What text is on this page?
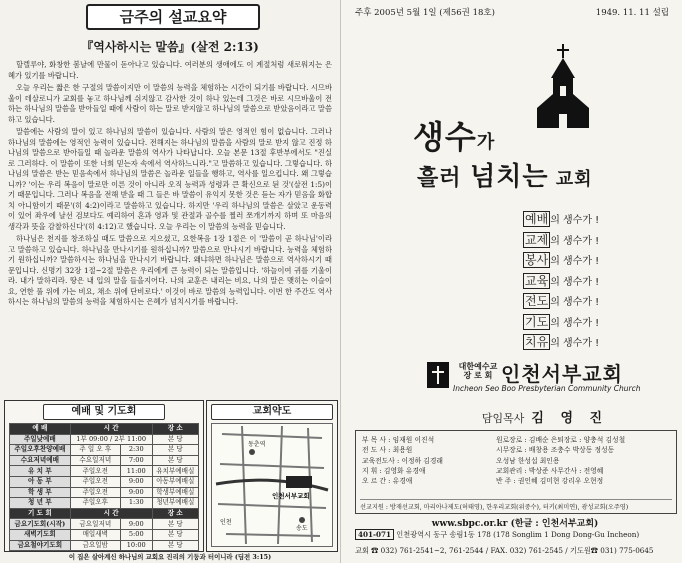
금주의 설교요약
『역사하시는 말씀』(살전 2:13)

할렐루야, 화창한 봄날에 만물이 돋아나고 있습니다. 여러분의 생애에도 이 계절처럼 새로워지는 은혜가 있기를 바랍니다.

오늘 우리는 짧은 한 구절의 말씀이지만 이 말씀의 능력을 체험하는 시간이 되기를 바랍니다. 시므바울이 데살로니가 교회를 놓고 하나님께 쉬지않고 감사한 것이 하나 있는데 그것은 바로 시므바울이 전하는 하나님의 말씀을 받아들일 때에 사람이 하는 말로 받지않고 하나님의 말씀으로 받았음이라고 말씀하고 있습니다.

말씀에는 사람의 말이 있고 하나님의 말씀이 있습니다. 사람의 말은 영적인 힘이 없습니다. 그러나 하나님의 말씀에는 영적인 능력이 있습니다. 전해지는 하나님의 말씀을 사람의 말로 받지 않고 진정 하나님의 말씀으로 받아들일 때 놀라운 말씀의 역사가 나타납니다. 오늘 본문 13절 후반부에서도 "진실로 그러하다. 이 말씀이 또한 너희 믿는자 속에서 역사하느니라."고 말씀하고 있습니다. 그렇습니다. 하나님의 말씀은 받는 믿음속에서 하나님의 말씀은 놀라운 일들을 행하고, 역사를 일으킵니다. 왜 그렇습니까? '이는 우리 복음이 말로만 이른 것이 아니라 오직 능력과 성령과 큰 확신으로 된 것'(살전 1:5)이기 때문입니다. 그러나 복음을 전해 받을 때 그 들은 바 말씀이 유익지 못한 것은 듣는 자가 믿음을 화합치 아니함이기 때문'(히 4:2)이라고 말씀하고 있습니다. 하지만 '우리 하나님의 말씀은 살았고 운동력이 있어 좌우에 날선 검보다도 예리하여 혼과 영과 및 관절과 골수를 찔러 쪼개기까지 하며 또 마음의 생각과 뜻을 감찰하신다'(히 4:12)고 했습니다. 오늘 우리는 이 말씀의 능력을 믿습니다.

하나님은 천지를 창조하실 때도 말씀으로 지으셨고, 요한복음 1장 1절은 이 '말씀이 곧 하나님'이라고 말씀하고 있습니다. 하나님을 만나시기를 원하십니까? 말씀으로 만나시기 바랍니다. 능력을 체험하기 원하십니까? 말씀하시는 하나님을 만나시기 바랍니다. 왜냐하면 하나님은 말씀으로 역사하시기 때문입니다. 신명기 32장 1절~2절 말씀은 우리에게 큰 능력이 되는 말씀입니다. '하늘이여 귀를 기울이라. 내가 말하리라. 땅은 내 입의 말을 들을지어다. 나의 교훈은 내리는 비요, 나의 말은 맺히는 이슬이요, 연한 풀 위에 가는 비요, 채소 위에 단비로다.' 이것이 바로 말씀의 능력입니다. 이번 한 주간도 역사하시는 하나님의 말씀의 능력을 체험하시는 은혜가 넘치시기를 바랍니다.

예배 및 기도회
예 배	시 간		장 소
주일낮예배	1부 09:00 / 2부 11:00		본 당
주일오후찬양예배	주 일 오 후	2:30	본 당
수요저녁예배	수요일저녁	7:00	본 당
유 치 부	주일오전	11:00	유치부예배실
아 동 부	주일오전	9:00	아동부예배실
학 생 부	주일오전	9:00	학생부예배실
청 년 부	주일오후	1:30	청년부예배실
기 도 회	시 간		장 소
금요기도회(시작)	금요일저녁	9:00	본 당
새벽기도회	매일새벽	5:00	본 당
금요철야기도회	금요일밤	10:00	본 당
교회약도
동춘역
인천서부교회
인천
송도
이 집은 살아계신 하나님의 교회요 진리의 기둥과 터이니라 (딤전 3:15)
주후 2005년 5월 1일 (제56권 18호)	1949. 11. 11 설립
생수가
흘러 넘치는 교회
예배 의 생수가 !
교제 의 생수가 !
봉사 의 생수가 !
교육 의 생수가 !
전도 의 생수가 !
기도 의 생수가 !
치유 의 생수가 !
대한예수교
장 로 회 인천서부교회
Incheon Seo Boo Presbyterian Community Church
담임목사 김 영 진
부 목 사 : 임재원 이진석
전 도 사 : 최용원
교육전도사 : 이정하 김경래
지 휘 : 김영화 유경애
오 르 간 : 유경애
원로장로 : 김배순 은퇴장로 : 양충석 김성철
시무장로 : 배창용 조충수 박상동 정성동
오성남 한성섭 최인용
교회관리 : 박상준 사무간사 : 전영혜
반 주 : 권인혜 김미현 강리우 오현정
선교지원 : 방재선교회, 마리아나제도(허태영), 한우리교회(위중수), 터키(최미연), 광성교회(오주영)
www.sbpc.or.kr (한글 : 인천서부교회)
401-071 인천광역시 동구 송림1동 178 (178 Songlim 1 Dong Dong-Gu Incheon)
교회 ☎ 032) 761-2541~2, 761-2544 / FAX. 032) 761-2545 / 기도원☎ 031) 775-0645
